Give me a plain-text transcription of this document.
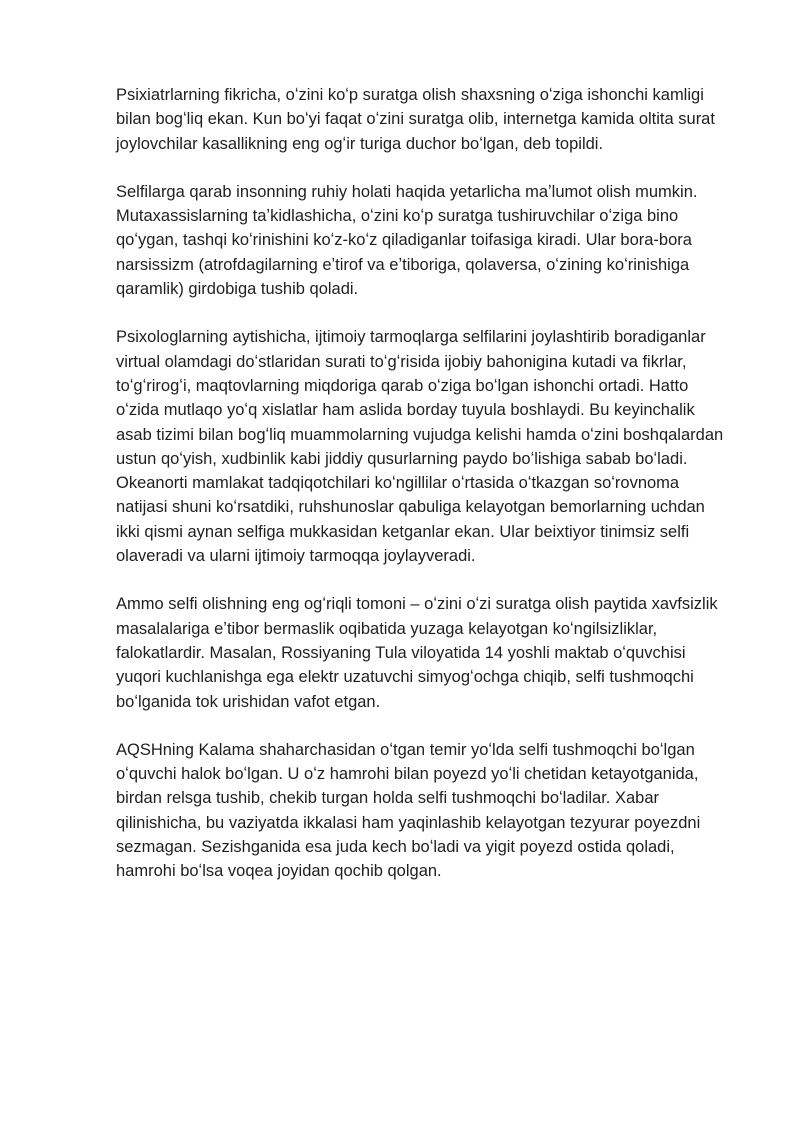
Psixiatrlarning fikricha, oʻzini koʻp suratga olish shaxsning oʻziga ishonchi kamligi bilan bogʻliq ekan. Kun boʻyi faqat oʻzini suratga olib, internetga kamida oltita surat joylovchilar kasallikning eng ogʻir turiga duchor boʻlgan, deb topildi.

Selfilarga qarab insonning ruhiy holati haqida yetarlicha maʼlumot olish mumkin. Mutaxassislarning taʼkidlashicha, oʻzini koʻp suratga tushiruvchilar oʻziga bino qoʻygan, tashqi koʻrinishini koʻz-koʻz qiladiganlar toifasiga kiradi. Ular bora-bora narsissizm (atrofdagilarning eʼtirof va eʼtiboriga, qolaversa, oʻzining koʻrinishiga qaramlik) girdobiga tushib qoladi.

Psixologlarning aytishicha, ijtimoiy tarmoqlarga selfilarini joylashtirib boradiganlar virtual olamdagi doʻstlaridan surati toʻgʻrisida ijobiy bahoniginа kutadi va fikrlar, toʻgʻrirogʻi, maqtovlarning miqdoriga qarab oʻziga boʻlgan ishonchi ortadi. Hatto oʻzida mutlaqo yoʻq xislatlar ham aslida borday tuyula boshlaydi. Bu keyinchalik asab tizimi bilan bogʻliq muammolarning vujudga kelishi hamda oʻzini boshqalardan ustun qoʻyish, xudbinlik kabi jiddiy qusurlarning paydo boʻlishiga sabab boʻladi. Okeanorti mamlakat tadqiqotchilari koʻngillilar oʻrtasida oʻtkazgan soʻrovnoma natijasi shuni koʻrsatdiki, ruhshunoslar qabuliga kelayotgan bemorlarning uchdan ikki qismi aynan selfiga mukkasidan ketganlar ekan. Ular beixtiyor tinimsiz selfi olaveradi va ularni ijtimoiy tarmoqqa joylayveradi.

Ammo selfi olishning eng ogʻriqli tomoni – oʻzini oʻzi suratga olish paytida xavfsizlik masalalariga eʼtibor bermaslik oqibatida yuzaga kelayotgan koʻngilsizliklar, falokatlardir. Masalan, Rossiyaning Tula viloyatida 14 yoshli maktab oʻquvchisi yuqori kuchlanishga ega elektr uzatuvchi simyogʻochga chiqib, selfi tushmoqchi boʻlganida tok urishidan vafot etgan.

AQSHning Kalama shaharchasidan oʻtgan temir yoʻlda selfi tushmoqchi boʻlgan oʻquvchi halok boʻlgan. U oʻz hamrohi bilan poyezd yoʻli chetidan ketayotganida, birdan relsga tushib, chekib turgan holda selfi tushmoqchi boʻladilar. Xabar qilinishicha, bu vaziyatda ikkalasi ham yaqinlashib kelayotgan tezyurar poyezdni sezmagan. Sezishganida esa juda kech boʻladi va yigit poyezd ostida qoladi, hamrohi boʻlsa voqea joyidan qochib qolgan.
